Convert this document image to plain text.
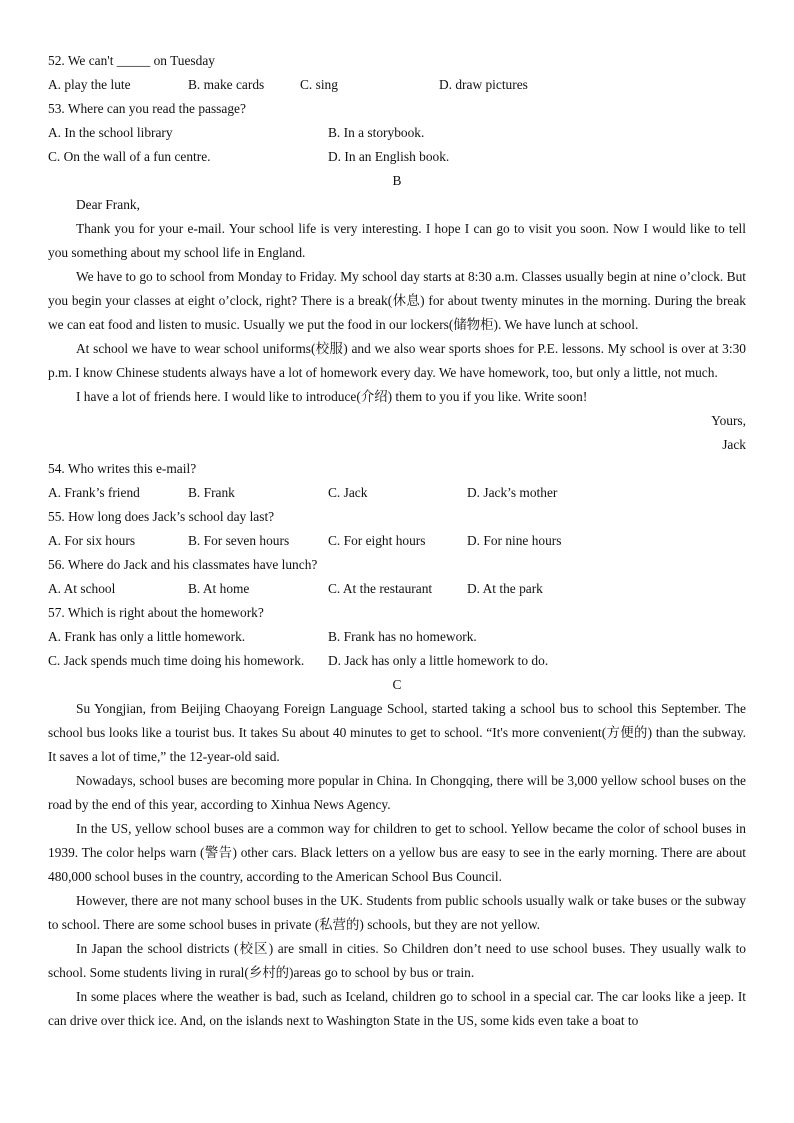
52. We can't _____ on Tuesday
A. play the lute	B. make cards	C. sing	D. draw pictures
53. Where can you read the passage?
A. In the school library	B. In a storybook.
C. On the wall of a fun centre.	D. In an English book.
B
Dear Frank,
Thank you for your e-mail. Your school life is very interesting. I hope I can go to visit you soon. Now I would like to tell you something about my school life in England.
We have to go to school from Monday to Friday. My school day starts at 8:30 a.m. Classes usually begin at nine o’clock. But you begin your classes at eight o’clock, right? There is a break(休息) for about twenty minutes in the morning. During the break we can eat food and listen to music. Usually we put the food in our lockers(储物柜). We have lunch at school.
At school we have to wear school uniforms(校服) and we also wear sports shoes for P.E. lessons. My school is over at 3:30 p.m. I know Chinese students always have a lot of homework every day. We have homework, too, but only a little, not much.
I have a lot of friends here. I would like to introduce(介绍) them to you if you like. Write soon!
Yours,
Jack
54. Who writes this e-mail?
A. Frank’s friend	B. Frank	C. Jack	D. Jack’s mother
55. How long does Jack’s school day last?
A. For six hours	B. For seven hours	C. For eight hours	D. For nine hours
56. Where do Jack and his classmates have lunch?
A. At school	B. At home	C. At the restaurant	D. At the park
57. Which is right about the homework?
A. Frank has only a little homework.	B. Frank has no homework.
C. Jack spends much time doing his homework. D. Jack has only a little homework to do.
C
Su Yongjian, from Beijing Chaoyang Foreign Language School, started taking a school bus to school this September. The school bus looks like a tourist bus. It takes Su about 40 minutes to get to school. “It's more convenient(方便的) than the subway. It saves a lot of time,” the 12-year-old said.
Nowadays, school buses are becoming more popular in China. In Chongqing, there will be 3,000 yellow school buses on the road by the end of this year, according to Xinhua News Agency.
In the US, yellow school buses are a common way for children to get to school. Yellow became the color of school buses in 1939. The color helps warn (警告) other cars. Black letters on a yellow bus are easy to see in the early morning. There are about 480,000 school buses in the country, according to the American School Bus Council.
However, there are not many school buses in the UK. Students from public schools usually walk or take buses or the subway to school. There are some school buses in private (私营的) schools, but they are not yellow.
In Japan the school districts (校区) are small in cities. So Children don’t need to use school buses. They usually walk to school. Some students living in rural(乡村的)areas go to school by bus or train.
In some places where the weather is bad, such as Iceland, children go to school in a special car. The car looks like a jeep. It can drive over thick ice. And, on the islands next to Washington State in the US, some kids even take a boat to
